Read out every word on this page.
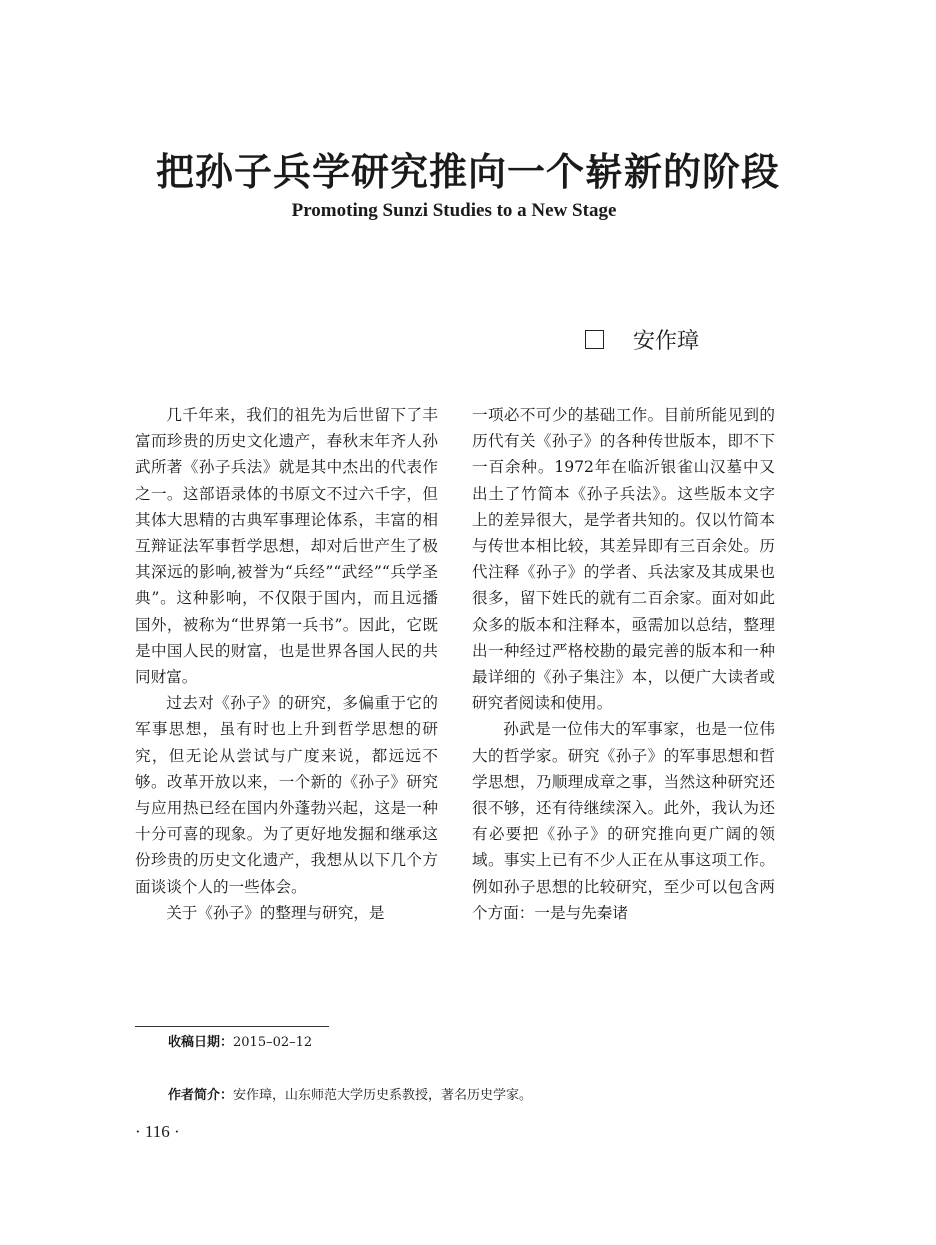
把孙子兵学研究推向一个崭新的阶段
Promoting Sunzi Studies to a New Stage
安作璋

几千年来，我们的祖先为后世留下了丰富而珍贵的历史文化遗产，春秋末年齐人孙武所著《孙子兵法》就是其中杰出的代表作之一。这部语录体的书原文不过六千字，但其体大思精的古典军事理论体系，丰富的相互辩证法军事哲学思想，却对后世产生了极其深远的影响,被誉为“兵经”“武经”“兵学圣典”。这种影响，不仅限于国内，而且远播国外，被称为“世界第一兵书”。因此，它既是中国人民的财富，也是世界各国人民的共同财富。

过去对《孙子》的研究，多偏重于它的军事思想，虽有时也上升到哲学思想的研究，但无论从尝试与广度来说，都远远不够。改革开放以来，一个新的《孙子》研究与应用热已经在国内外蓬勃兴起，这是一种十分可喜的现象。为了更好地发掘和继承这份珍贵的历史文化遗产，我想从以下几个方面谈谈个人的一些体会。

关于《孙子》的整理与研究，是

一项必不可少的基础工作。目前所能见到的历代有关《孙子》的各种传世版本，即不下一百余种。1972年在临沂银雀山汉墓中又出土了竹简本《孙子兵法》。这些版本文字上的差异很大，是学者共知的。仅以竹简本与传世本相比较，其差异即有三百余处。历代注释《孙子》的学者、兵法家及其成果也很多，留下姓氏的就有二百余家。面对如此众多的版本和注释本，亟需加以总结，整理出一种经过严格校勘的最完善的版本和一种最详细的《孙子集注》本，以便广大读者或研究者阅读和使用。

孙武是一位伟大的军事家，也是一位伟大的哲学家。研究《孙子》的军事思想和哲学思想，乃顺理成章之事，当然这种研究还很不够，还有待继续深入。此外，我认为还有必要把《孙子》的研究推向更广阔的领域。事实上已有不少人正在从事这项工作。例如孙子思想的比较研究，至少可以包含两个方面：一是与先秦诸

收稿日期：2015–02–12
作者简介：安作璋，山东师范大学历史系教授，著名历史学家。
· 116 ·
